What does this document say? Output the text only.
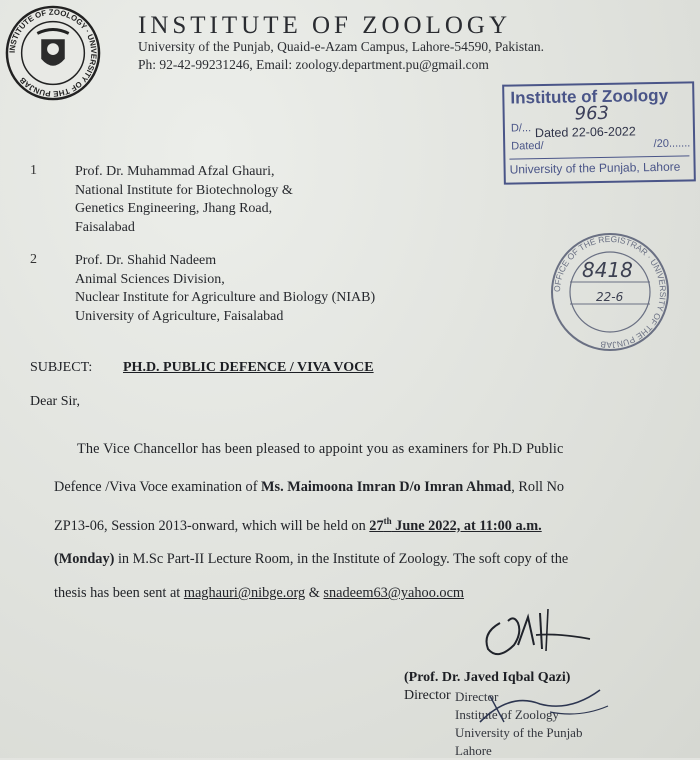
INSTITUTE OF ZOOLOGY · UNIVERSITY OF THE PUNJAB
INSTITUTE OF ZOOLOGY
University of the Punjab, Quaid-e-Azam Campus, Lahore-54590, Pakistan.
Ph: 92-42-99231246, Email: zoology.department.pu@gmail.com
Institute of Zoology
963
D/... Dated 22-06-2022
Dated/	/20.......
University of the Punjab, Lahore
OFFICE OF THE REGISTRAR · UNIVERSITY OF THE PUNJAB
8418
22-6
1	Prof. Dr. Muhammad Afzal Ghauri,
National Institute for Biotechnology &
Genetics Engineering, Jhang Road,
Faisalabad
2	Prof. Dr. Shahid Nadeem
Animal Sciences Division,
Nuclear Institute for Agriculture and Biology (NIAB)
University of Agriculture, Faisalabad
SUBJECT: PH.D. PUBLIC DEFENCE / VIVA VOCE
Dear Sir,
The Vice Chancellor has been pleased to appoint you as examiners for Ph.D Public
Defence /Viva Voce examination of Ms. Maimoona Imran D/o Imran Ahmad, Roll No
ZP13-06, Session 2013-onward, which will be held on 27th June 2022, at 11:00 a.m.
(Monday) in M.Sc Part-II Lecture Room, in the Institute of Zoology. The soft copy of the
thesis has been sent at maghauri@nibge.org & snadeem63@yahoo.ocm
(Prof. Dr. Javed Iqbal Qazi)
Director Director
Institute of Zoology
University of the Punjab
Lahore
